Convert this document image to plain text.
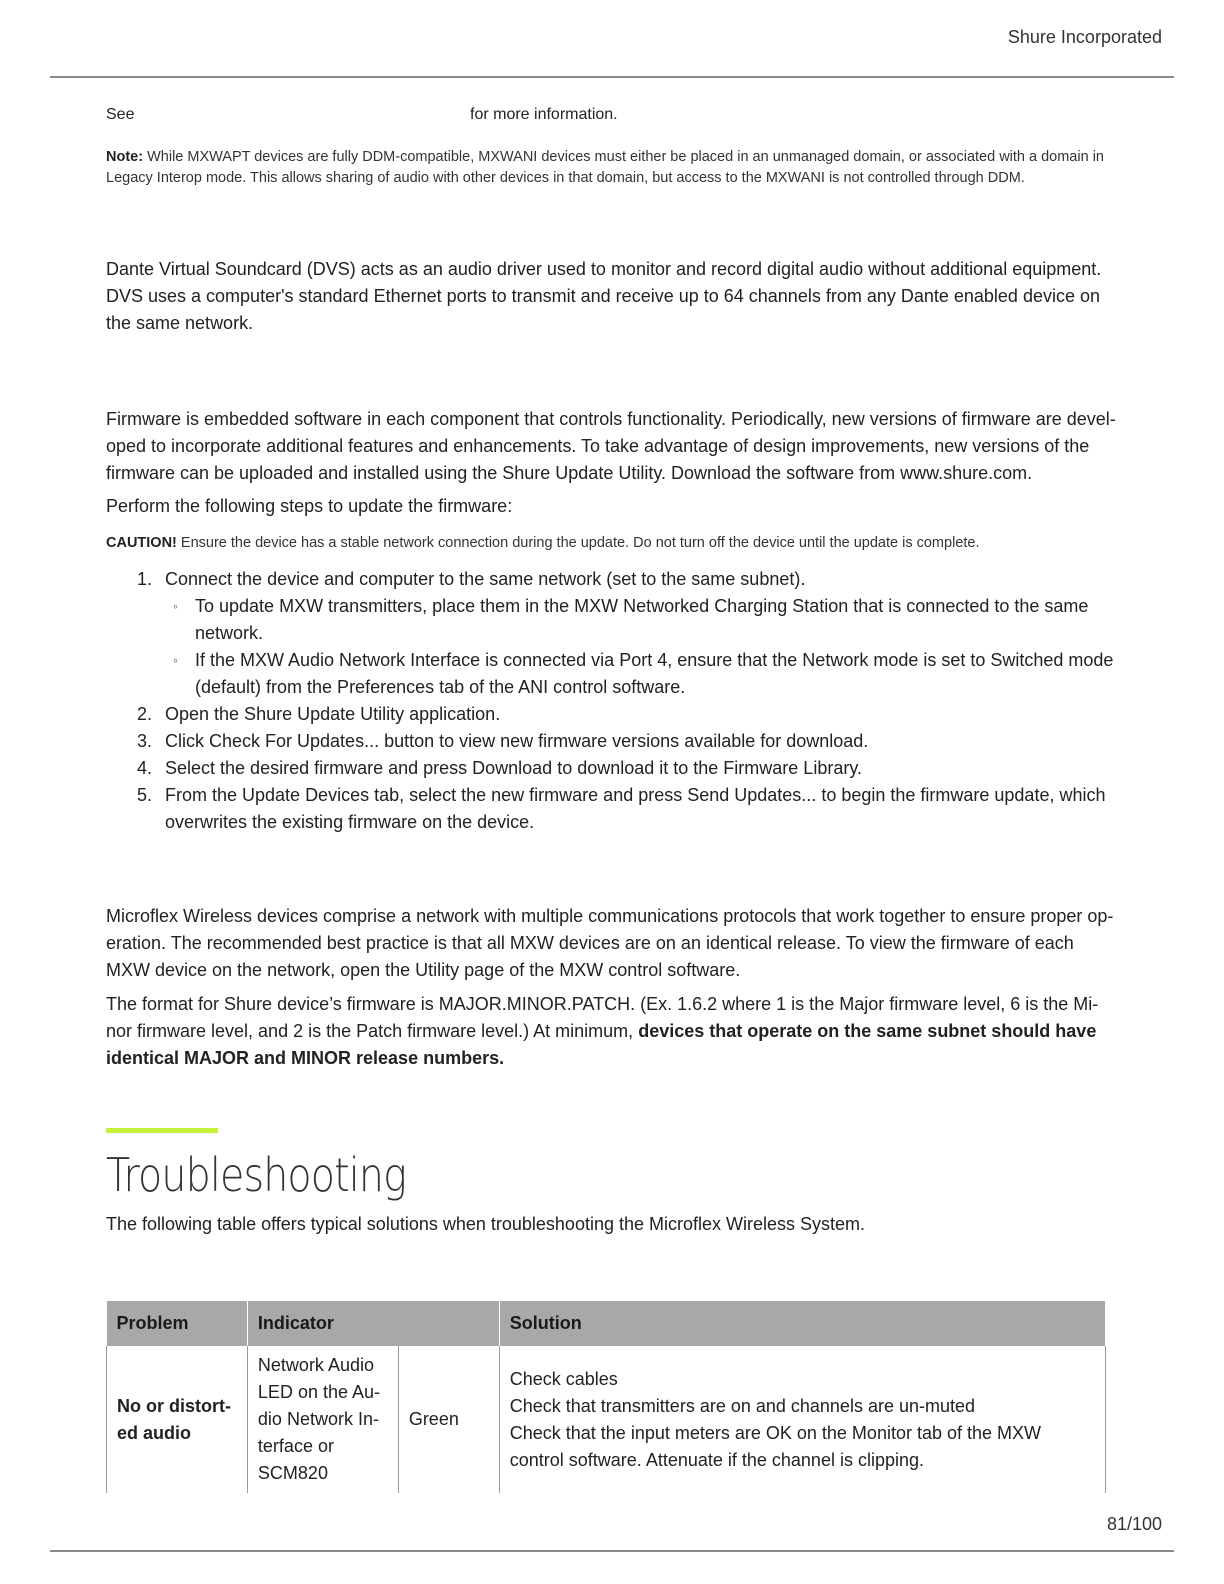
Shure Incorporated
See	for more information.

Note: While MXWAPT devices are fully DDM-compatible, MXWANI devices must either be placed in an unmanaged domain, or associated with a domain in Legacy Interop mode. This allows sharing of audio with other devices in that domain, but access to the MXWANI is not controlled through DDM.

Dante Virtual Soundcard (DVS) acts as an audio driver used to monitor and record digital audio without additional equipment. DVS uses a computer's standard Ethernet ports to transmit and receive up to 64 channels from any Dante enabled device on the same network.

Firmware is embedded software in each component that controls functionality. Periodically, new versions of firmware are devel-oped to incorporate additional features and enhancements. To take advantage of design improvements, new versions of the firmware can be uploaded and installed using the Shure Update Utility. Download the software from www.shure.com.

Perform the following steps to update the firmware:

CAUTION! Ensure the device has a stable network connection during the update. Do not turn off the device until the update is complete.

1. Connect the device and computer to the same network (set to the same subnet).
◦ To update MXW transmitters, place them in the MXW Networked Charging Station that is connected to the same network.
◦ If the MXW Audio Network Interface is connected via Port 4, ensure that the Network mode is set to Switched mode (default) from the Preferences tab of the ANI control software.
2. Open the Shure Update Utility application.
3. Click Check For Updates... button to view new firmware versions available for download.
4. Select the desired firmware and press Download to download it to the Firmware Library.
5. From the Update Devices tab, select the new firmware and press Send Updates... to begin the firmware update, which overwrites the existing firmware on the device.

Microflex Wireless devices comprise a network with multiple communications protocols that work together to ensure proper op-eration. The recommended best practice is that all MXW devices are on an identical release. To view the firmware of each MXW device on the network, open the Utility page of the MXW control software.

The format for Shure device’s firmware is MAJOR.MINOR.PATCH. (Ex. 1.6.2 where 1 is the Major firmware level, 6 is the Mi-nor firmware level, and 2 is the Patch firmware level.) At minimum, devices that operate on the same subnet should have identical MAJOR and MINOR release numbers.

Troubleshooting

The following table offers typical solutions when troubleshooting the Microflex Wireless System.

Problem	Indicator		Solution
No or distort-ed audio	Network Audio LED on the Au-dio Network In-terface or SCM820	Green	Check cables
Check that transmitters are on and channels are un-muted
Check that the input meters are OK on the Monitor tab of the MXW control software. Attenuate if the channel is clipping.
81/100
